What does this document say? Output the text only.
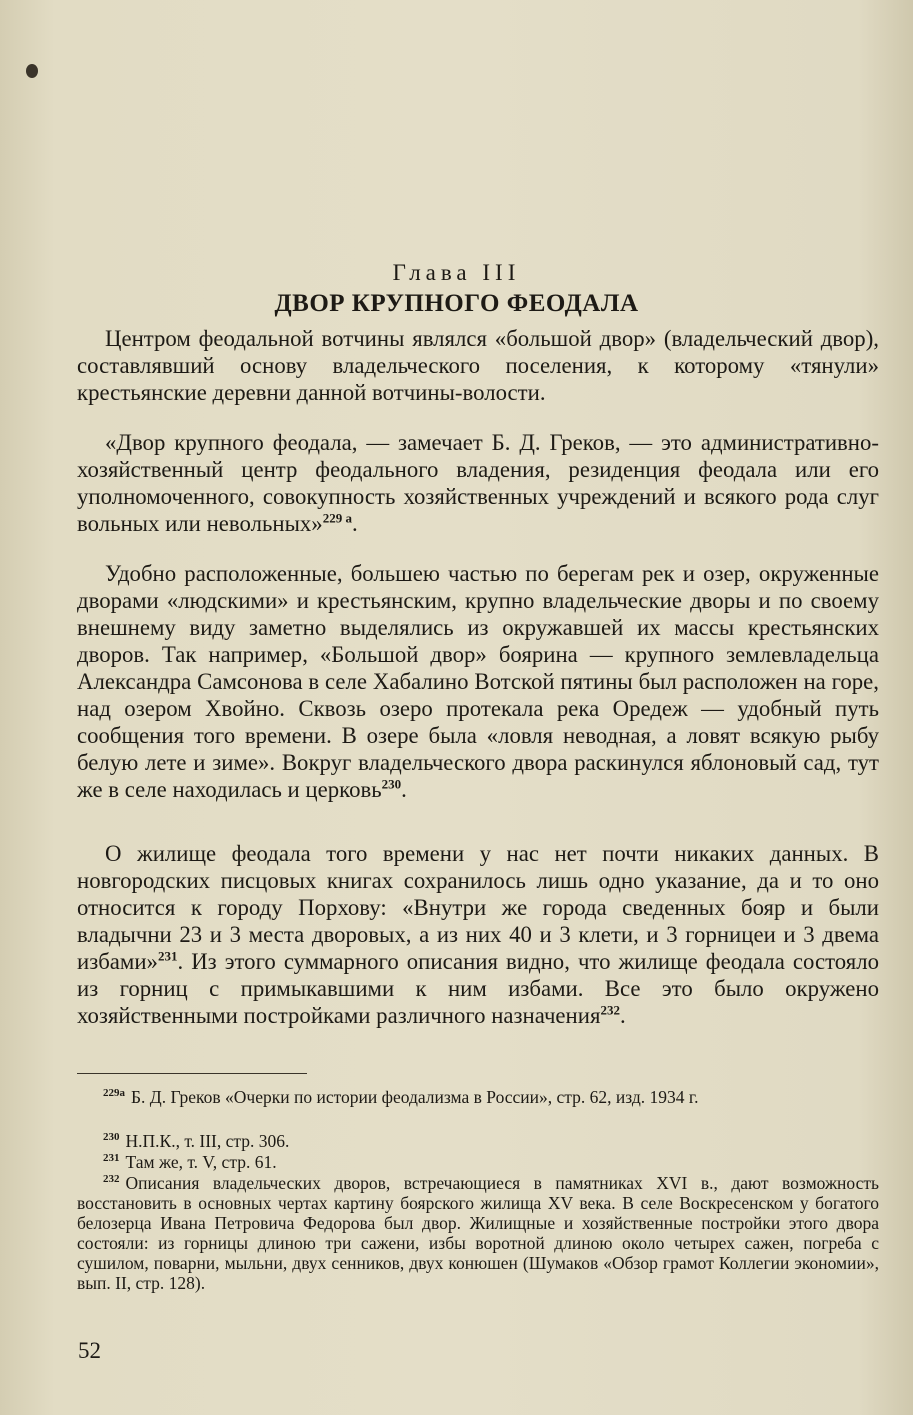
Глава III
ДВОР КРУПНОГО ФЕОДАЛА

Центром феодальной вотчины являлся «большой двор» (владельческий двор), составлявший основу владельческого поселения, к которому «тянули» крестьянские деревни данной вотчины-волости.

«Двор крупного феодала, — замечает Б. Д. Греков, — это административно-хозяйственный центр феодального владения, резиденция феодала или его уполномоченного, совокупность хозяйственных учреждений и всякого рода слуг вольных или невольных»$^{229 а}$.

Удобно расположенные, большею частью по берегам рек и озер, окруженные дворами «людскими» и крестьянским, крупно владельческие дворы и по своему внешнему виду заметно выделялись из окружавшей их массы крестьянских дворов. Так например, «Большой двор» боярина — крупного землевладельца Александра Самсонова в селе Хабалино Вотской пятины был расположен на горе, над озером Хвойно. Сквозь озеро протекала река Оредеж — удобный путь сообщения того времени. В озере была «ловля неводная, а ловят всякую рыбу белую лете и зиме». Вокруг владельческого двора раскинулся яблоновый сад, тут же в селе находилась и церковь$^{230}$.

О жилище феодала того времени у нас нет почти никаких данных. В новгородских писцовых книгах сохранилось лишь одно указание, да и то оно относится к городу Порхову: «Внутри же города сведенных бояр и были владычни 23 и 3 места дворовых, а из них 40 и 3 клети, и 3 горницеи и 3 двема избами»$^{231}$. Из этого суммарного описания видно, что жилище феодала состояло из горниц с примыкавшими к ним избами. Все это было окружено хозяйственными постройками различного назначения$^{232}$.

$^{229а}$ Б. Д. Греков «Очерки по истории феодализма в России», стр. 62, изд. 1934 г.

$^{230}$ Н.П.К., т. III, стр. 306.

$^{231}$ Там же, т. V, стр. 61.

$^{232}$ Описания владельческих дворов, встречающиеся в памятниках XVI в., дают возможность восстановить в основных чертах картину боярского жилища XV века. В селе Воскресенском у богатого белозерца Ивана Петровича Федорова был двор. Жилищные и хозяйственные постройки этого двора состояли: из горницы длиною три сажени, избы воротной длиною около четырех сажен, погреба с сушилом, поварни, мыльни, двух сенников, двух конюшен (Шумаков «Обзор грамот Коллегии экономии», вып. II, стр. 128).

52
